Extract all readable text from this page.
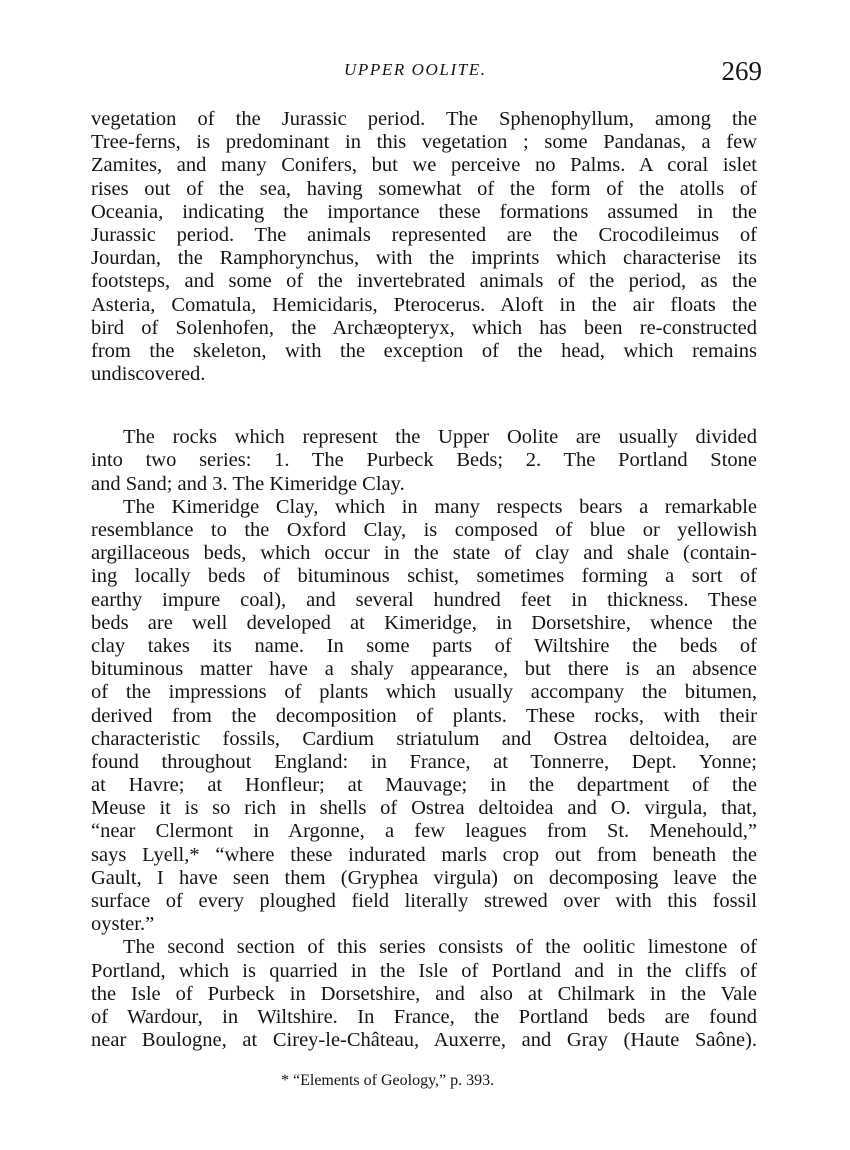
UPPER OOLITE.	269
vegetation of the Jurassic period. The Sphenophyllum, among the
Tree-ferns, is predominant in this vegetation ; some Pandanas, a few
Zamites, and many Conifers, but we perceive no Palms. A coral islet
rises out of the sea, having somewhat of the form of the atolls of
Oceania, indicating the importance these formations assumed in the
Jurassic period. The animals represented are the Crocodileimus of
Jourdan, the Ramphorynchus, with the imprints which characterise its
footsteps, and some of the invertebrated animals of the period, as the
Asteria, Comatula, Hemicidaris, Pterocerus. Aloft in the air floats the
bird of Solenhofen, the Archæopteryx, which has been re-constructed
from the skeleton, with the exception of the head, which remains
undiscovered.
The rocks which represent the Upper Oolite are usually divided
into two series: 1. The Purbeck Beds; 2. The Portland Stone
and Sand; and 3. The Kimeridge Clay.
The Kimeridge Clay, which in many respects bears a remarkable
resemblance to the Oxford Clay, is composed of blue or yellowish
argillaceous beds, which occur in the state of clay and shale (contain-
ing locally beds of bituminous schist, sometimes forming a sort of
earthy impure coal), and several hundred feet in thickness. These
beds are well developed at Kimeridge, in Dorsetshire, whence the
clay takes its name. In some parts of Wiltshire the beds of
bituminous matter have a shaly appearance, but there is an absence
of the impressions of plants which usually accompany the bitumen,
derived from the decomposition of plants. These rocks, with their
characteristic fossils, Cardium striatulum and Ostrea deltoidea, are
found throughout England: in France, at Tonnerre, Dept. Yonne;
at Havre; at Honfleur; at Mauvage; in the department of the
Meuse it is so rich in shells of Ostrea deltoidea and O. virgula, that,
“near Clermont in Argonne, a few leagues from St. Menehould,”
says Lyell,* “where these indurated marls crop out from beneath the
Gault, I have seen them (Gryphea virgula) on decomposing leave the
surface of every ploughed field literally strewed over with this fossil
oyster.”
The second section of this series consists of the oolitic limestone of
Portland, which is quarried in the Isle of Portland and in the cliffs of
the Isle of Purbeck in Dorsetshire, and also at Chilmark in the Vale
of Wardour, in Wiltshire. In France, the Portland beds are found
near Boulogne, at Cirey-le-Château, Auxerre, and Gray (Haute Saône).
* “Elements of Geology,” p. 393.
